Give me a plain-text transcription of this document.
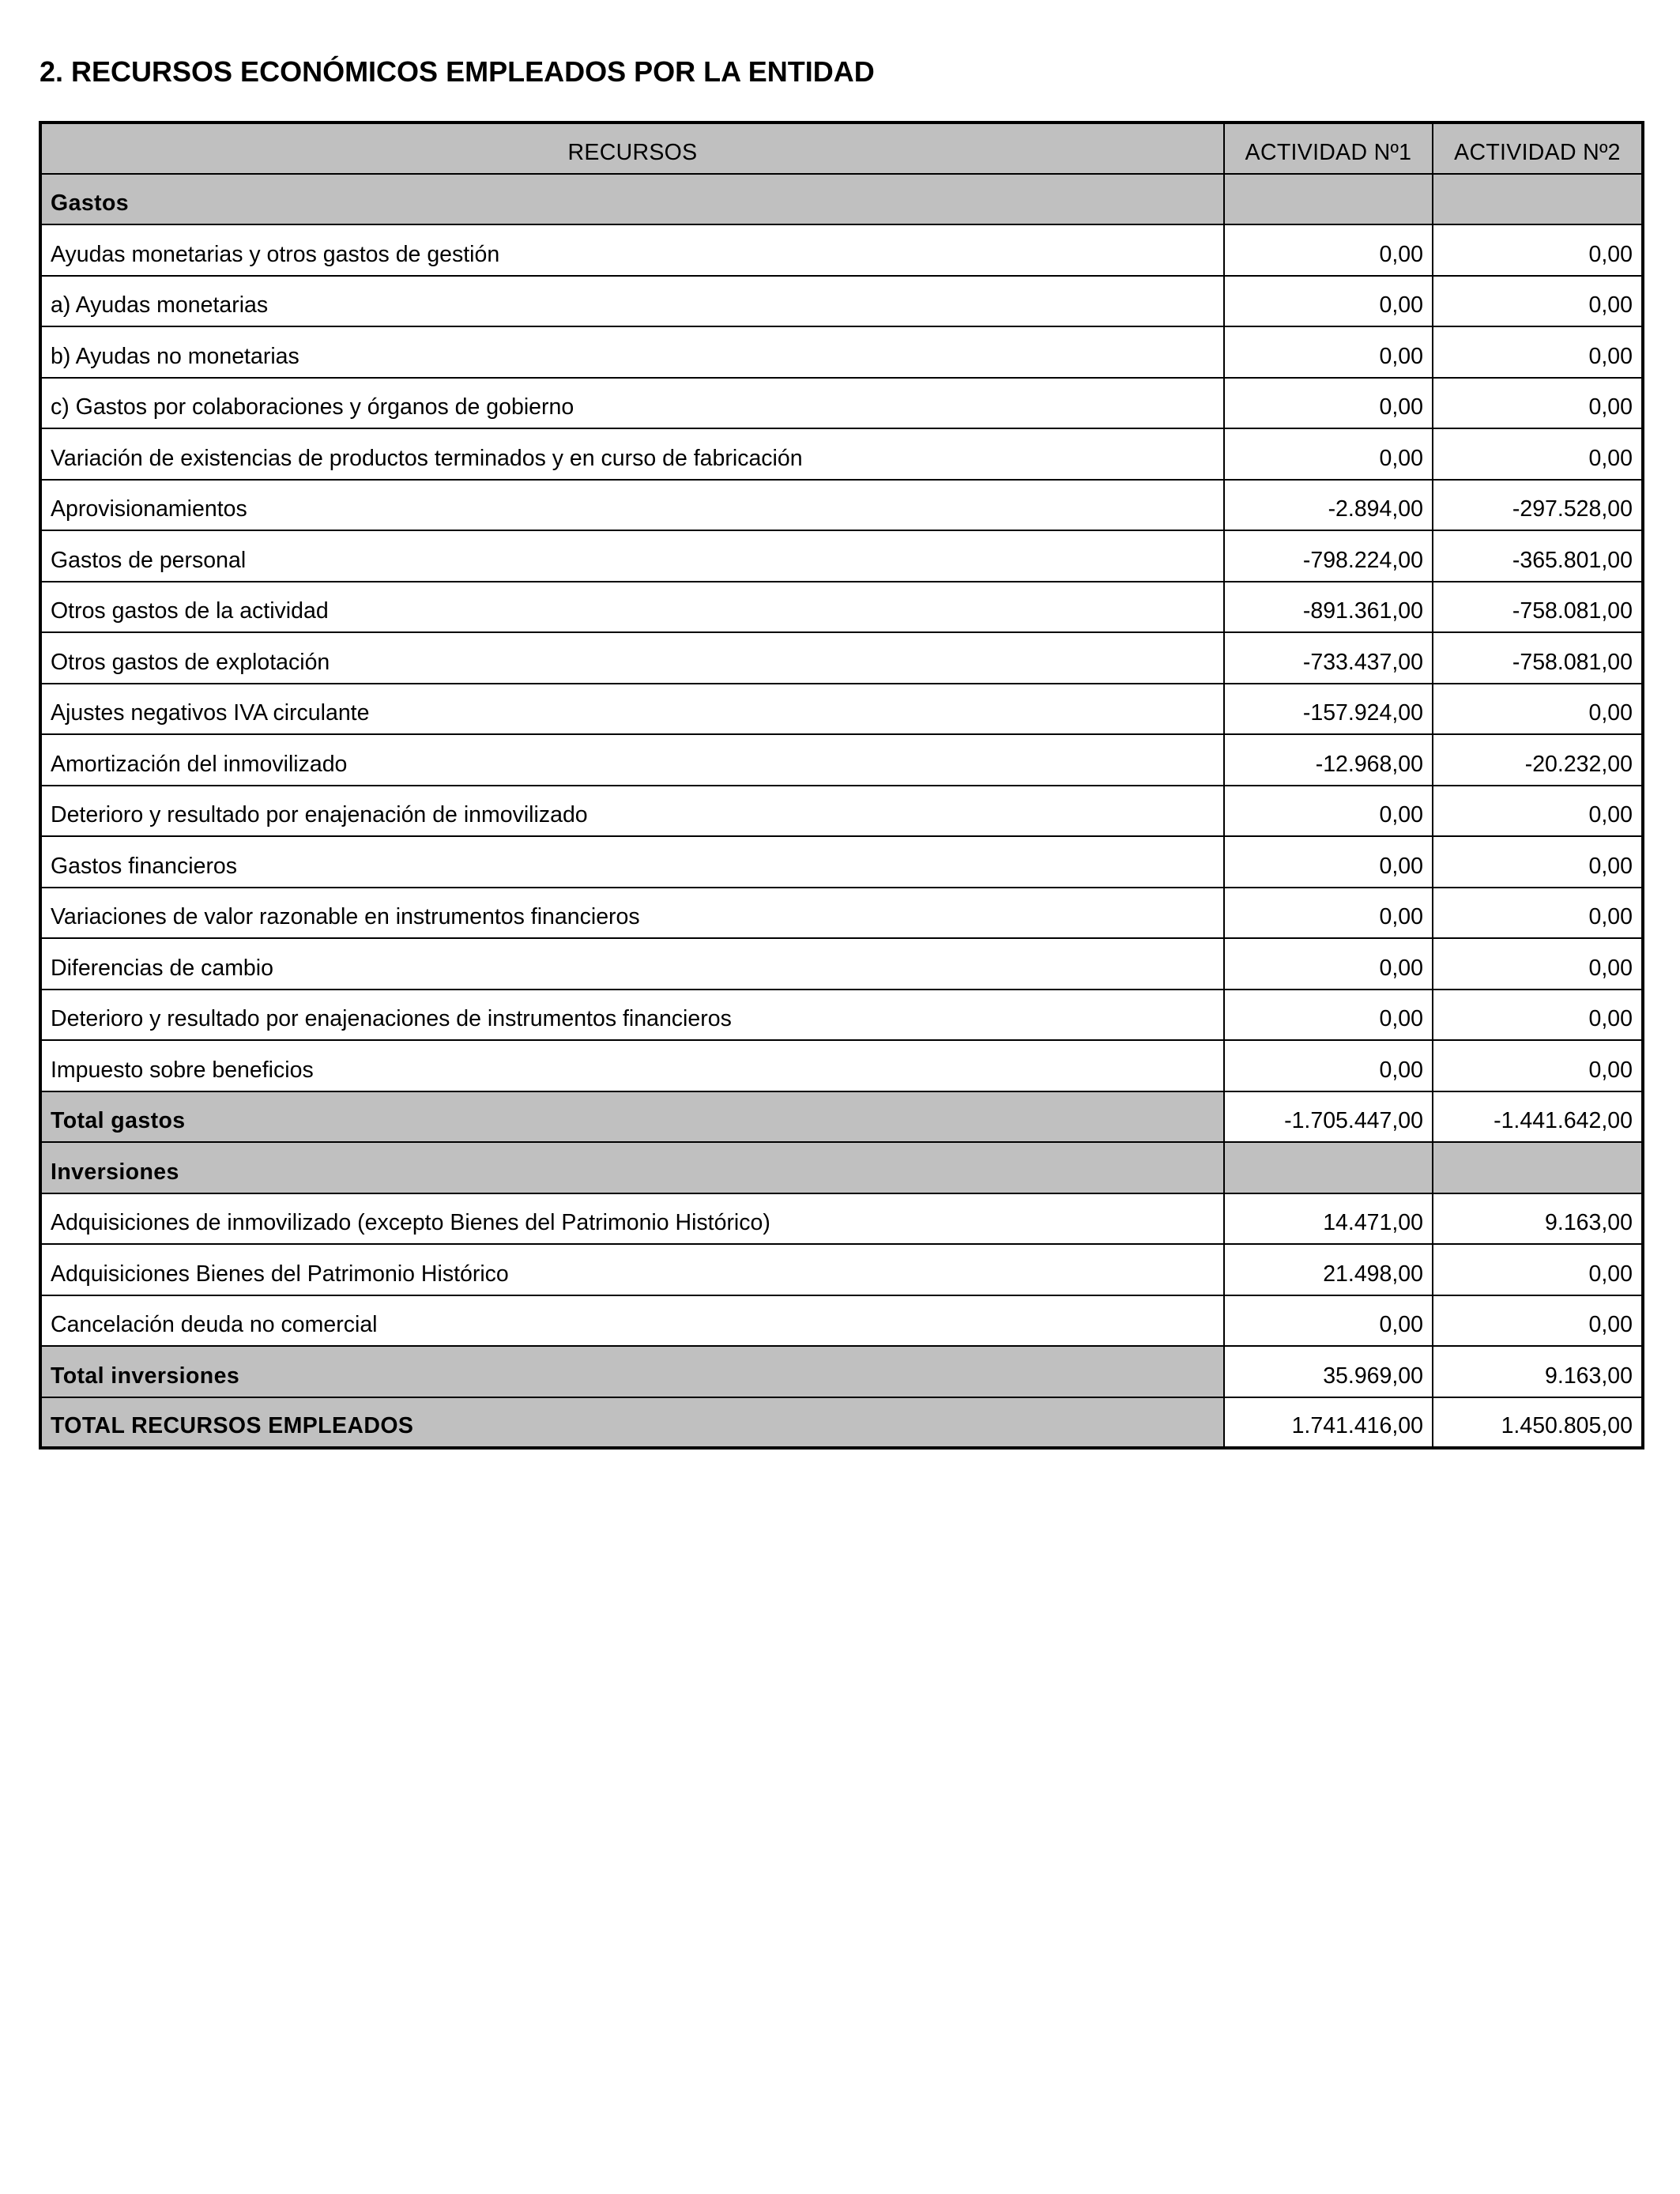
2. RECURSOS ECONÓMICOS EMPLEADOS POR LA ENTIDAD
RECURSOS	ACTIVIDAD Nº1	ACTIVIDAD Nº2
Gastos		
Ayudas monetarias y otros gastos de gestión	0,00	0,00
a) Ayudas monetarias	0,00	0,00
b) Ayudas no monetarias	0,00	0,00
c) Gastos por colaboraciones y órganos de gobierno	0,00	0,00
Variación de existencias de productos terminados y en curso de fabricación	0,00	0,00
Aprovisionamientos	-2.894,00	-297.528,00
Gastos de personal	-798.224,00	-365.801,00
Otros gastos de la actividad	-891.361,00	-758.081,00
Otros gastos de explotación	-733.437,00	-758.081,00
Ajustes negativos IVA circulante	-157.924,00	0,00
Amortización del inmovilizado	-12.968,00	-20.232,00
Deterioro y resultado por enajenación de inmovilizado	0,00	0,00
Gastos financieros	0,00	0,00
Variaciones de valor razonable en instrumentos financieros	0,00	0,00
Diferencias de cambio	0,00	0,00
Deterioro y resultado por enajenaciones de instrumentos financieros	0,00	0,00
Impuesto sobre beneficios	0,00	0,00
Total gastos	-1.705.447,00	-1.441.642,00
Inversiones		
Adquisiciones de inmovilizado (excepto Bienes del Patrimonio Histórico)	14.471,00	9.163,00
Adquisiciones Bienes del Patrimonio Histórico	21.498,00	0,00
Cancelación deuda no comercial	0,00	0,00
Total inversiones	35.969,00	9.163,00
TOTAL RECURSOS EMPLEADOS	1.741.416,00	1.450.805,00
